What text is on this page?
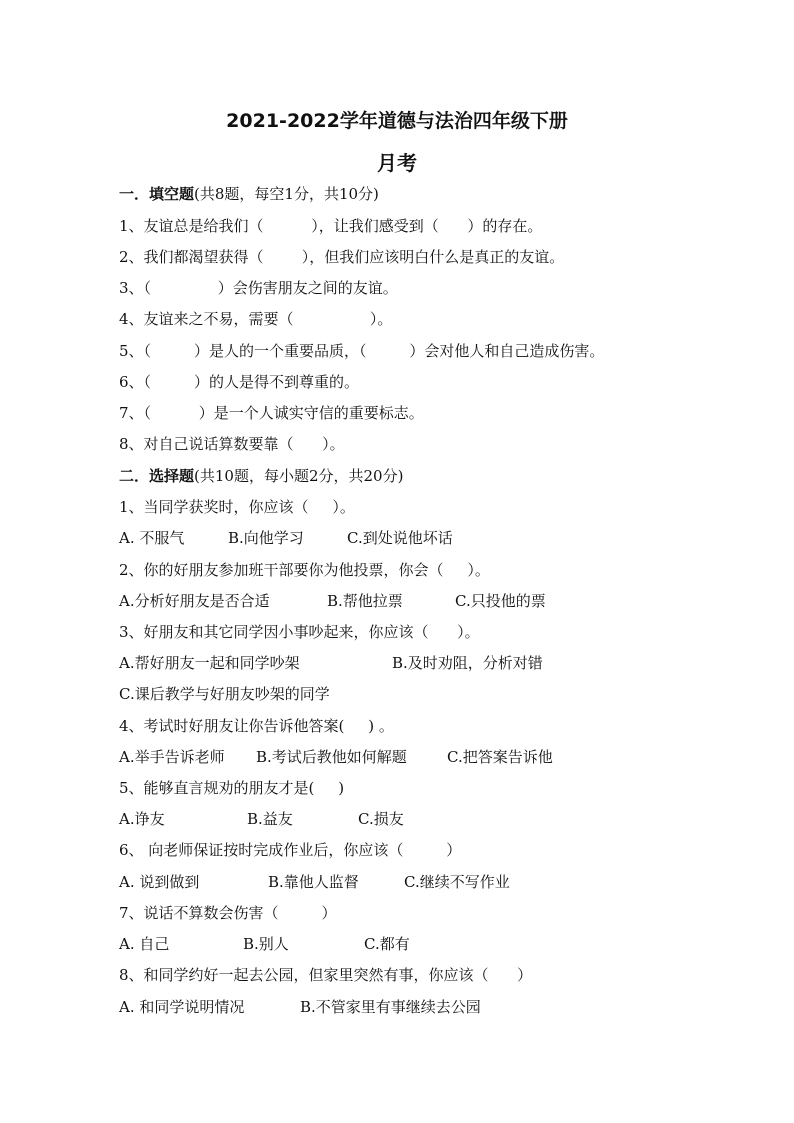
2021-2022学年道德与法治四年级下册
月考
一．填空题(共8题，每空1分，共10分)
1、友谊总是给我们（          ），让我们感受到（      ）的存在。
2、我们都渴望获得（        ），但我们应该明白什么是真正的友谊。
3、（              ）会伤害朋友之间的友谊。
4、友谊来之不易，需要（                ）。
5、（         ）是人的一个重要品质，（         ）会对他人和自己造成伤害。
6、（         ）的人是得不到尊重的。
7、（          ）是一个人诚实守信的重要标志。
8、对自己说话算数要靠（      ）。
二．选择题(共10题，每小题2分，共20分)
1、当同学获奖时，你应该（     ）。
A. 不服气	B.向他学习	C.到处说他坏话
2、你的好朋友参加班干部要你为他投票，你会（     ）。
A.分析好朋友是否合适	B.帮他拉票	C.只投他的票
3、好朋友和其它同学因小事吵起来，你应该（      ）。
A.帮好朋友一起和同学吵架	B.及时劝阻，分析对错
C.课后教学与好朋友吵架的同学
4、考试时好朋友让你告诉他答案(     ) 。
A.举手告诉老师 B.考试后教他如何解题	C.把答案告诉他
5、能够直言规劝的朋友才是(     )
A.诤友	B.益友	C.损友
6、 向老师保证按时完成作业后，你应该（         ）
A. 说到做到	B.靠他人监督	C.继续不写作业
7、说话不算数会伤害（         ）
A. 自己	B.别人	C.都有
8、和同学约好一起去公园，但家里突然有事，你应该（      ）
A. 和同学说明情况	B.不管家里有事继续去公园
